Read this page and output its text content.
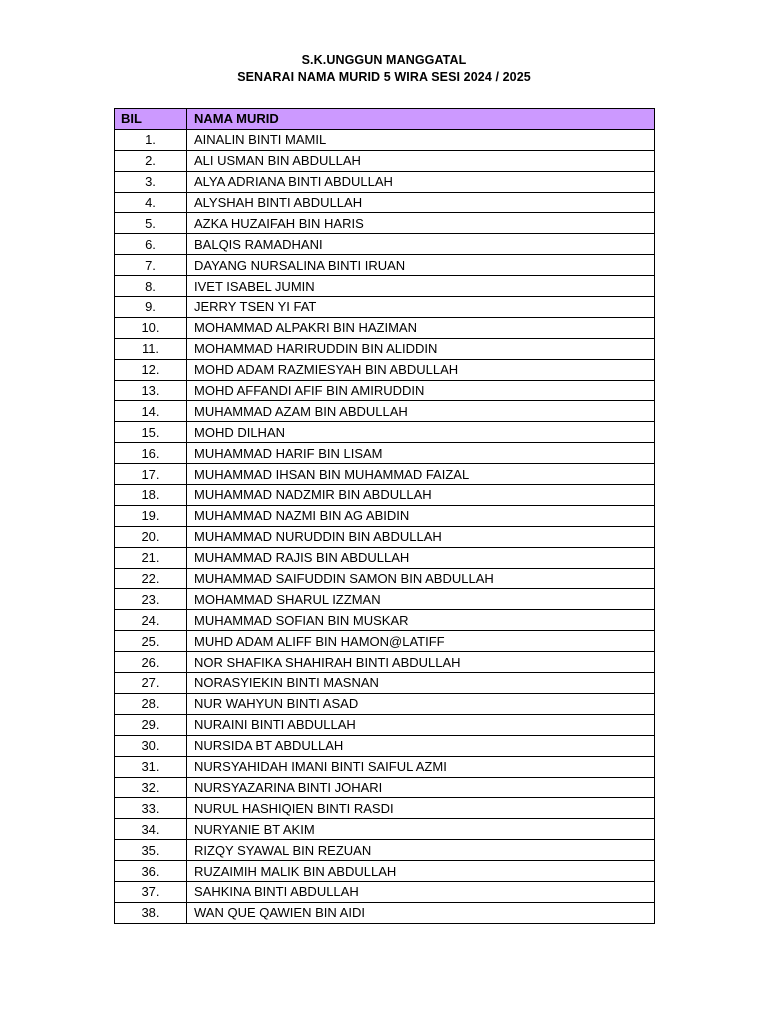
S.K.UNGGUN MANGGATAL
SENARAI NAMA MURID 5 WIRA SESI 2024 / 2025
BIL	NAMA MURID
1.	AINALIN BINTI MAMIL
2.	ALI USMAN BIN ABDULLAH
3.	ALYA ADRIANA BINTI ABDULLAH
4.	ALYSHAH BINTI ABDULLAH
5.	AZKA HUZAIFAH BIN HARIS
6.	BALQIS RAMADHANI
7.	DAYANG NURSALINA BINTI IRUAN
8.	IVET ISABEL JUMIN
9.	JERRY TSEN YI FAT
10.	MOHAMMAD ALPAKRI BIN HAZIMAN
11.	MOHAMMAD HARIRUDDIN BIN ALIDDIN
12.	MOHD ADAM RAZMIESYAH BIN ABDULLAH
13.	MOHD AFFANDI AFIF BIN AMIRUDDIN
14.	MUHAMMAD AZAM BIN ABDULLAH
15.	MOHD DILHAN
16.	MUHAMMAD HARIF BIN LISAM
17.	MUHAMMAD IHSAN BIN MUHAMMAD FAIZAL
18.	MUHAMMAD NADZMIR BIN ABDULLAH
19.	MUHAMMAD NAZMI BIN AG ABIDIN
20.	MUHAMMAD NURUDDIN BIN ABDULLAH
21.	MUHAMMAD RAJIS BIN ABDULLAH
22.	MUHAMMAD SAIFUDDIN SAMON BIN ABDULLAH
23.	MOHAMMAD SHARUL IZZMAN
24.	MUHAMMAD SOFIAN BIN MUSKAR
25.	MUHD ADAM ALIFF BIN HAMON@LATIFF
26.	NOR SHAFIKA SHAHIRAH BINTI ABDULLAH
27.	NORASYIEKIN BINTI MASNAN
28.	NUR WAHYUN BINTI ASAD
29.	NURAINI BINTI ABDULLAH
30.	NURSIDA BT ABDULLAH
31.	NURSYAHIDAH IMANI BINTI SAIFUL AZMI
32.	NURSYAZARINA BINTI JOHARI
33.	NURUL HASHIQIEN BINTI RASDI
34.	NURYANIE BT AKIM
35.	RIZQY SYAWAL BIN REZUAN
36.	RUZAIMIH MALIK BIN ABDULLAH
37.	SAHKINA BINTI ABDULLAH
38.	WAN QUE QAWIEN BIN AIDI
